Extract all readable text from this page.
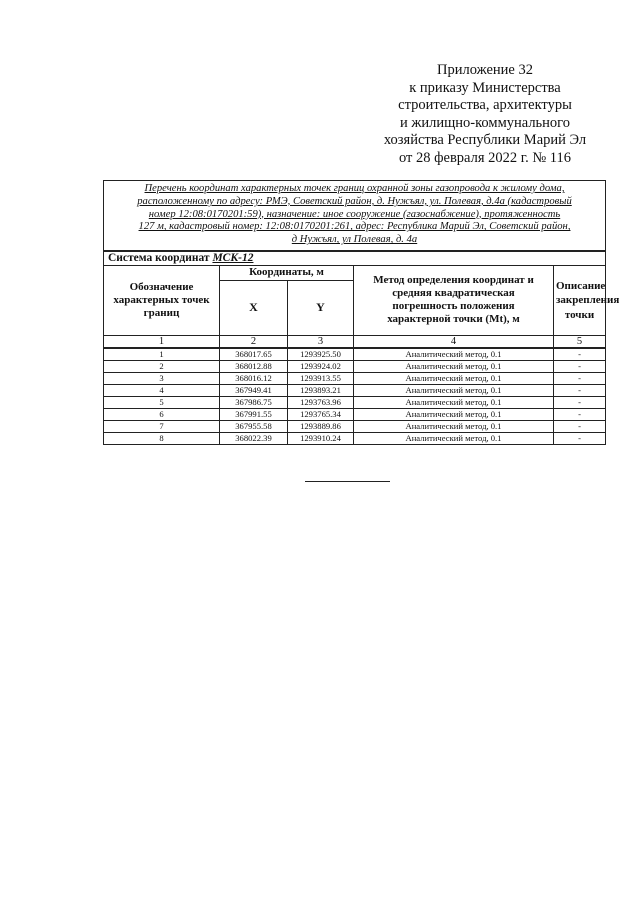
Приложение 32
к приказу Министерства
строительства, архитектуры
и жилищно-коммунального
хозяйства Республики Марий Эл
от 28 февраля 2022 г. № 116
Перечень координат характерных точек границ охранной зоны газопровода к жилому дома,
расположенному по адресу: РМЭ, Советский район, д. Нужъял, ул. Полевая, д.4а (кадастровый
номер 12:08:0170201:59), назначение: иное сооружение (газоснабжение), протяженность
127 м, кадастровый номер: 12:08:0170201:261, адрес: Республика Марий Эл, Советский район,
д Нужъял, ул Полевая, д. 4а				

Система координат МСК-12				
Обозначение характерных точек границ	Координаты, м		Метод определения координат и средняя квадратическая погрешность положения характерной точки (Mt), м	Описание закрепления точки
	X	Y		
1	2	3	4	5
1	368017.65	1293925.50	Аналитический метод, 0.1	-
2	368012.88	1293924.02	Аналитический метод, 0.1	-
3	368016.12	1293913.55	Аналитический метод, 0.1	-
4	367949.41	1293893.21	Аналитический метод, 0.1	-
5	367986.75	1293763.96	Аналитический метод, 0.1	-
6	367991.55	1293765.34	Аналитический метод, 0.1	-
7	367955.58	1293889.86	Аналитический метод, 0.1	-
8	368022.39	1293910.24	Аналитический метод, 0.1	-
